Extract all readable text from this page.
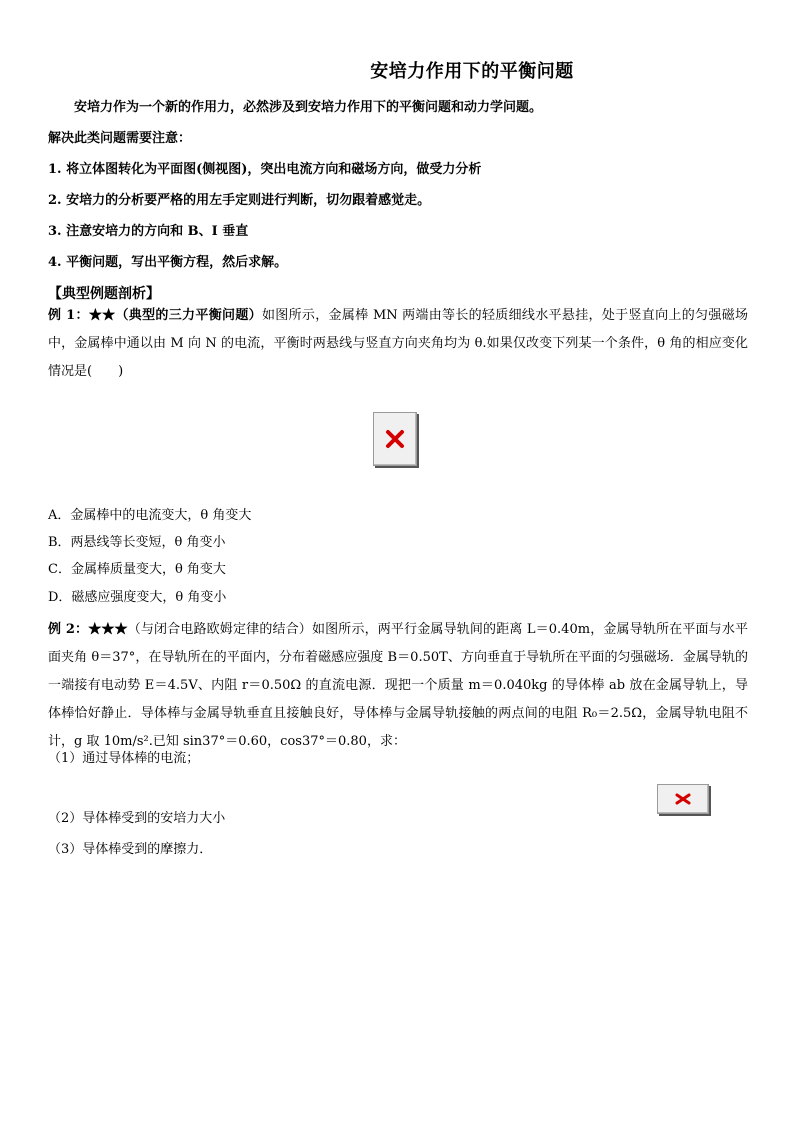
安培力作用下的平衡问题
安培力作为一个新的作用力，必然涉及到安培力作用下的平衡问题和动力学问题。
解决此类问题需要注意：
1. 将立体图转化为平面图(侧视图)，突出电流方向和磁场方向，做受力分析
2. 安培力的分析要严格的用左手定则进行判断，切勿跟着感觉走。
3. 注意安培力的方向和 B、I 垂直
4. 平衡问题，写出平衡方程，然后求解。
【典型例题剖析】
例 1：★★（典型的三力平衡问题）如图所示，金属棒 MN 两端由等长的轻质细线水平悬挂，处于竖直向上的匀强磁场中，金属棒中通以由 M 向 N 的电流，平衡时两悬线与竖直方向夹角均为 θ.如果仅改变下列某一个条件，θ 角的相应变化情况是(　　)
A．金属棒中的电流变大，θ 角变大
B．两悬线等长变短，θ 角变小
C．金属棒质量变大，θ 角变大
D．磁感应强度变大，θ 角变小
例 2：★★★（与闭合电路欧姆定律的结合）如图所示，两平行金属导轨间的距离 L＝0.40m，金属导轨所在平面与水平面夹角 θ＝37°，在导轨所在的平面内，分布着磁感应强度 B＝0.50T、方向垂直于导轨所在平面的匀强磁场．金属导轨的一端接有电动势 E＝4.5V、内阻 r＝0.50Ω 的直流电源．现把一个质量 m＝0.040kg 的导体棒 ab 放在金属导轨上，导体棒恰好静止．导体棒与金属导轨垂直且接触良好，导体棒与金属导轨接触的两点间的电阻 R₀＝2.5Ω，金属导轨电阻不计，g 取 10m/s².已知 sin37°＝0.60，cos37°＝0.80，求：
（1）通过导体棒的电流；
（2）导体棒受到的安培力大小
（3）导体棒受到的摩擦力．
